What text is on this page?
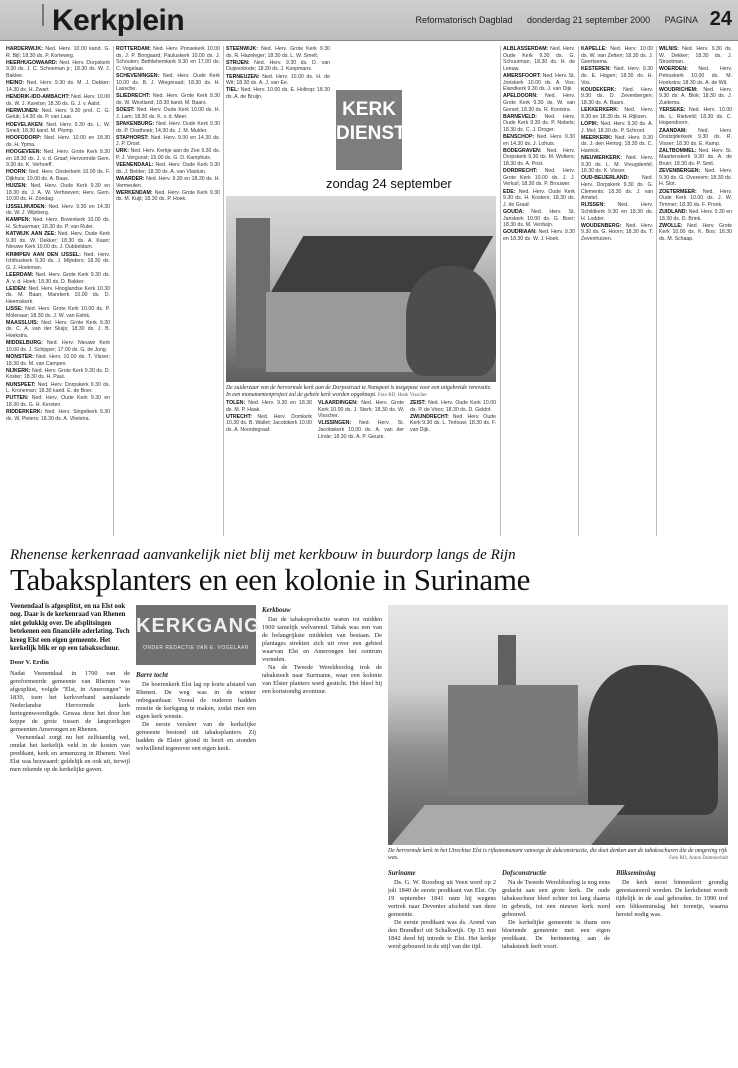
Kerkplein	Reformatorisch Dagblad donderdag 21 september 2000 PAGINA 24

HARDERWIJK: Ned. Herv. 10.00 kand. G. R. Bijl; 18.30 ds. P. Korteweg.

HEERHUGOWAARD: Ned. Herv. Dorpskerk 9.30 ds. J. C. Schoeman jr.; 18.30 ds. W. J. Bakker.

HEINO: Ned. Herv. 9.30 ds. M. J. Dekker; 14.30 ds. H. Zwart.

HENDRIK-IDO-AMBACHT: Ned. Herv. 10.00 ds. W. J. Karelse; 18.30 ds. G. J. v. Aalst.

HERWIJNEN: Ned. Herv. 9.30 prof. C. G. Geluk; 14.30 ds. P. van Laar.

HOEVELAKEN: Ned. Herv. 9.30 ds. L. W. Smelt; 18.30 kand. M. Plomp.

HOOFDDORP: Ned. Herv. 10.00 en 18.30 ds. H. Ypma.

HOOGEVEEN: Ned. Herv. Grote Kerk 9.30 en 18.30 ds. J. v. d. Graaf; Hervormde Gem. 9.30 ds. K. Verhoeff.

HOORN: Ned. Herv. Oosterkerk 10.00 ds. F. Dijkhuis; 19.00 ds. A. Baas.

HUIZEN: Ned. Herv. Oude Kerk 9.30 en 18.30 ds. J. A. W. Verhoeven; Herv. Gem. 10.00 ds. H. Zondag.

IJSSELMUIDEN: Ned. Herv. 9.30 en 14.30 ds. W. J. Wijnberg.

KAMPEN: Ned. Herv. Bovenkerk 10.00 ds. H. Schuurman; 18.30 ds. P. van Ruler.

KATWIJK AAN ZEE: Ned. Herv. Oude Kerk 9.30 ds. W. Dekker; 18.30 ds. A. Kaan; Nieuwe Kerk 10.00 ds. J. Dubbeldam.

KRIMPEN AAN DEN IJSSEL: Ned. Herv. Ichthuskerk 9.30 ds. J. Mijnders; 18.30 ds. G. J. Hoekman.

LEERDAM: Ned. Herv. Grote Kerk 9.30 ds. A. v. d. Hoek; 18.30 ds. D. Bakker.

LEIDEN: Ned. Herv. Hooglandse Kerk 10.30 ds. M. Baan; Marekerk 10.00 ds. D. Heemskerk.

LISSE: Ned. Herv. Grote Kerk 10.00 ds. P. Molenaar; 18.30 ds. J. W. van Estrik.

MAASSLUIS: Ned. Herv. Grote Kerk 9.30 ds. C. A. van der Sluijs; 18.30 ds. J. B. Hoekstra.

MIDDELBURG: Ned. Herv. Nieuwe Kerk 10.00 ds. J. Schipper; 17.00 ds. G. de Jong.

MONSTER: Ned. Herv. 10.00 ds. T. Visser; 18.30 ds. M. van Campen.

NIJKERK: Ned. Herv. Grote Kerk 9.30 ds. D. Koster; 18.30 ds. H. Paul.

NUNSPEET: Ned. Herv. Dorpskerk 9.30 ds. L. Kroneman; 18.30 kand. E. de Boer.

PUTTEN: Ned. Herv. Oude Kerk 9.30 en 18.30 ds. G. H. Kersten.

RIDDERKERK: Ned. Herv. Singelkerk 9.30 ds. W. Pieters; 18.30 ds. A. Vlietstra.

ROTTERDAM: Ned. Herv. Prinsekerk 10.00 ds. J. P. Boogaard; Pauluskerk 10.00 ds. J. Schouten; Bethlehemkerk 9.30 en 17.00 ds. C. Vogelaar.

SCHEVENINGEN: Ned. Herv. Oude Kerk 10.00 ds. B. J. Wiegeraad; 18.30 ds. H. Lassche.

SLIEDRECHT: Ned. Herv. Grote Kerk 9.30 ds. W. Westland; 18.30 kand. M. Baars.

SOEST: Ned. Herv. Oude Kerk 10.00 ds. H. J. Lam; 18.30 ds. K. v. d. Meer.

SPAKENBURG: Ned. Herv. Oude Kerk 9.30 ds. P. Oosthoek; 14.30 ds. J. M. Mulder.

STAPHORST: Ned. Herv. 9.30 en 14.30 ds. J. P. Drost.

URK: Ned. Herv. Kerkje aan de Zee 9.30 ds. P. J. Vergunst; 15.00 ds. G. D. Kamphuis.

VEENENDAAL: Ned. Herv. Oude Kerk 9.30 ds. J. Belder; 18.30 ds. A. van Vlastuin.

WAARDER: Ned. Herv. 9.30 en 18.30 ds. H. Vermeulen.

WERKENDAM: Ned. Herv. Grote Kerk 9.30 ds. M. Kuijt; 18.30 ds. P. Hoek.

STEENWIJK: Ned. Herv. Grote Kerk 9.30 ds. R. Hazeleger; 18.30 ds. L. W. Smelt.

STRIJEN: Ned. Herv. 9.30 ds. D. van Duijvenbode; 18.30 ds. J. Koopmans.

TERNEUZEN: Ned. Herv. 10.00 ds. H. de Wit; 18.30 ds. A. J. van Ee.

TIEL: Ned. Herv. 10.00 ds. E. Holtrop; 18.30 ds. A. de Bruijn.

KERK
DIENSTEN
zondag 24 september

TOLEN: Ned. Herv. 9.30 en 18.30 ds. M. P. Haak.

UTRECHT: Ned. Herv. Domkerk 10.30 ds. B. Wallet; Jacobikerk 10.00 ds. A. Noordegraaf.

VLAARDINGEN: Ned. Herv. Grote Kerk 10.00 ds. J. Sterk; 18.30 ds. W. Visscher.

VLISSINGEN: Ned. Herv. St. Jacobskerk 10.00 ds. A. van der Linde; 18.30 ds. A. P. Geuze.

ZEIST: Ned. Herv. Oude Kerk 10.00 ds. P. de Vries; 18.30 ds. D. Geldof.

ZWIJNDRECHT: Ned. Herv. Oude Kerk 9.30 ds. L. Terlouw; 18.30 ds. F. van Dijk.

De zuiderzaar van de hervormde kerk aan de Dorpsstraat te Nunspeet is toegepast voor een uitgebreide renovatie. In een monumentenproject zal de gehele kerk worden opgeknapt. Foto RD, Henk Visscher

ALBLASSERDAM: Ned. Herv. Oude Kerk 9.30 ds. G. Schuurman; 18.30 ds. H. de Leeuw.

AMERSFOORT: Ned. Herv. St. Joriskerk 10.00 ds. A. Vos; Elandkerk 9.30 ds. J. van Dijk.

APELDOORN: Ned. Herv. Grote Kerk 9.30 ds. W. van Gorsel; 18.30 ds. R. Kooistra.

BARNEVELD: Ned. Herv. Oude Kerk 9.30 ds. P. Nobels; 18.30 ds. C. J. Droger.

BENSCHOP: Ned. Herv. 9.30 en 14.30 ds. J. Lohuis.

BODEGRAVEN: Ned. Herv. Dorpskerk 9.30 ds. M. Wolters; 18.30 ds. A. Post.

DORDRECHT: Ned. Herv. Grote Kerk 10.00 ds. J. J. Verkuil; 18.30 ds. P. Brouwer.

EDE: Ned. Herv. Oude Kerk 9.30 ds. H. Kosters; 18.30 ds. J. de Graaf.

GOUDA: Ned. Herv. St. Janskerk 10.00 ds. G. Boer; 18.30 ds. M. Verduijn.

GOUDRIAAN: Ned. Herv. 9.30 en 18.30 ds. W. J. Hoek.

KAPELLE: Ned. Herv. 10.00 ds. W. van Zetten; 18.30 ds. J. Geertsema.

KESTEREN: Ned. Herv. 9.30 ds. E. Hagen; 18.30 ds. H. Vos.

KOUDEKERK: Ned. Herv. 9.30 ds. D. Zevenbergen; 18.30 ds. A. Baars.

LEKKERKERK: Ned. Herv. 9.30 en 18.30 ds. H. Rijksen.

LOPIK: Ned. Herv. 9.30 ds. A. J. Mol; 18.30 ds. P. Schroot.

MEERKERK: Ned. Herv. 9.30 ds. J. den Hertog; 18.30 ds. C. Harinck.

NIEUWERKERK: Ned. Herv. 9.30 ds. L. M. Vreugdenhil; 18.30 ds. K. Visser.

OUD-BEIJERLAND: Ned. Herv. Dorpskerk 9.30 ds. G. Clements; 18.30 ds. J. van Amstel.

RIJSSEN: Ned. Herv. Schildkerk 9.30 en 18.30 ds. H. Lodder.

WOUDENBERG: Ned. Herv. 9.30 ds. G. Hoorn; 18.30 ds. T. Zevenhuizen.

WILNIS: Ned. Herv. 9.30 ds. W. Dekker; 18.30 ds. J. Strootman.

WOERDEN: Ned. Herv. Petruskerk 10.00 ds. M. Hoekstra; 18.30 ds. A. de Wit.

WOUDRICHEM: Ned. Herv. 9.30 ds. A. Blok; 18.30 ds. J. Zuidema.

YERSEKE: Ned. Herv. 10.00 ds. L. Rietveld; 18.30 ds. C. Hogendoorn.

ZAANDAM: Ned. Herv. Oostzijderkerk 9.30 ds. R. Visser; 18.30 ds. E. Kamp.

ZALTBOMMEL: Ned. Herv. St. Maartenskerk 9.30 ds. A. de Bruin; 18.30 ds. P. Smit.

ZEVENBERGEN: Ned. Herv. 9.30 ds. G. Overeem; 18.30 ds. H. Slot.

ZOETERMEER: Ned. Herv. Oude Kerk 10.00 ds. J. W. Timmer; 18.30 ds. F. Pronk.

ZUIDLAND: Ned. Herv. 9.30 en 18.30 ds. D. Brink.

ZWOLLE: Ned. Herv. Grote Kerk 10.00 ds. K. Bos; 18.30 ds. M. Schaap.

Rhenense kerkenraad aanvankelijk niet blij met kerkbouw in buurdorp langs de Rijn
Tabaksplanters en een kolonie in Suriname
Veenendaal is afgesplitst, en na Elst ook nog. Daar is de kerkenraad van Rhenen niet gelukkig over. De afsplitsingen betekenen een financiële aderlating. Toch kreeg Elst een eigen gemeente. Het kerkelijk blik er op een tabaksschuur.
Door V. Erdin
KERKGANG
ONDER REDACTIE VAN E. VOGELAAR

Nadat Veenendaal in 1700 van de gereformeerde gemeente van Rhenen was afgesplitst, volgde "Elst, in Amerongen" in 1839, toen het kerkverband aanslaande Nederlandse Hervormde kerk hertegenwoordigde. Gewas deze het door het koppe de grote tussen de langverlegen gemeenten Amerongen en Rhenen.

Veenendaal zorgt nu het zelfstandig wel, omdat het kerkelijk veld in de kosten van predikant, kerk en armenzorg in Rhenen. Veel Elst was bezwaard: geldelijk en ook uit, terwijl men rekende op de kerkelijke gaven.

Barre tocht

De boerenkerk Elst lag op korte afstand van Rhenen. De weg was in de winter onbegaanbaar. Vooral de ouderen hadden moeite de kerkgang te maken, zodat men een eigen kerk wenste.

De eerste versleer van de kerkelijke gemeente bestond uit tabaksplanters. Zij hadden de Elster grond in bezit en stonden welwillend tegenover een eigen kerk.

Kerkbouw

Dat de tabaksproductie waren tot midden 1900 tamelijk welvarend. Tabak was een van de belangrijkste middelen van bestaan. De plantages strekten zich uit over een gebied waarvan Elst en Amerongen het centrum vormden.

Na de Tweede Wereldoorlog trok de tabaksteelt naar Suriname, waar een kolonie van Elster planters werd gesticht. Het bleef bij een kortstondig avontuur.

De hervormde kerk in het Utrechtse Elst is rijksmonument vanwege de dakconstructie, die doet denken aan de tabaksschuren die de omgeving rijk was.	Foto RD, Anton Dommerholt
Suriname

Ds. G. W. Roosbog uit Veen werd op 2 juli 1840 de eerste predikant van Elst. Op 19 september 1841 nam hij wegens vertrek naar Deventer afscheid van deze gemeente.

De eerste predikant was ds. Arend van den Brandhof uit Schalkwijk. Op 15 mei 1842 deed hij intrede te Elst. Het kerkje werd gebouwd in de stijl van die tijd.

Dofsconstructie

Na de Tweede Wereldoorlog is nog eens gedacht aan een grote kerk. De oude tabaksschuur bleef echter tot lang daarna in gebruik, tot een nieuwe kerk werd gebouwd.

De kerkelijke gemeente is thans een bloeiende gemeente met een eigen predikant. De herinnering aan de tabaksteelt leeft voort.

Blikseminslag

De kerk moet binnenkort grondig gerestaureerd worden. De kerkdienst wordt tijdelijk in de zaal gehouden. In 1990 trof een blikseminslag het torentje, waarna herstel nodig was.
